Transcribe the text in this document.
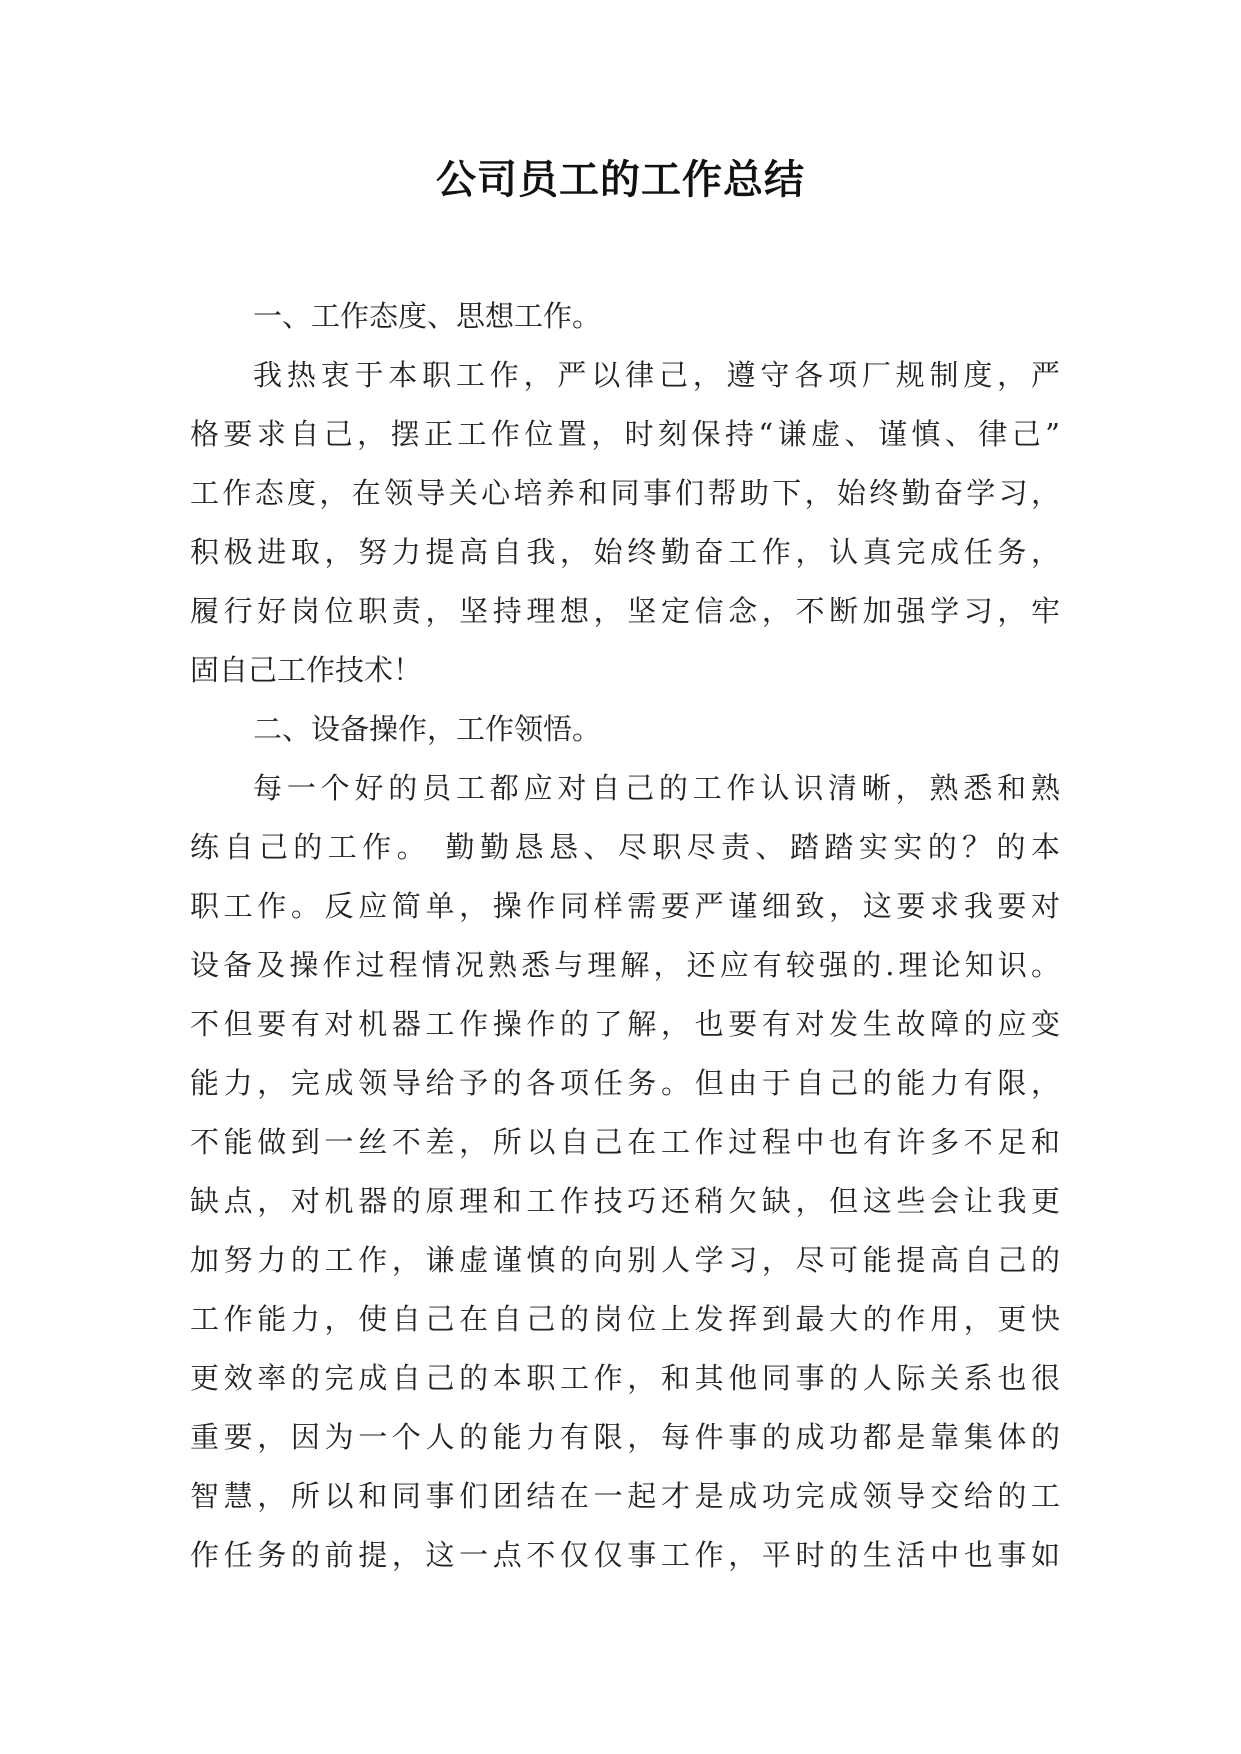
公司员工的工作总结
一、工作态度、思想工作。
我热衷于本职工作，严以律己，遵守各项厂规制度，严
格要求自己，摆正工作位置，时刻保持“谦虚、谨慎、律己”
工作态度，在领导关心培养和同事们帮助下，始终勤奋学习，
积极进取，努力提高自我，始终勤奋工作，认真完成任务，
履行好岗位职责，坚持理想，坚定信念，不断加强学习，牢
固自己工作技术！
二、设备操作，工作领悟。
每一个好的员工都应对自己的工作认识清晰，熟悉和熟
练自己的工作。 勤勤恳恳、尽职尽责、踏踏实实的？的本
职工作。反应简单，操作同样需要严谨细致，这要求我要对
设备及操作过程情况熟悉与理解，还应有较强的.理论知识。
不但要有对机器工作操作的了解，也要有对发生故障的应变
能力，完成领导给予的各项任务。但由于自己的能力有限，
不能做到一丝不差，所以自己在工作过程中也有许多不足和
缺点，对机器的原理和工作技巧还稍欠缺，但这些会让我更
加努力的工作，谦虚谨慎的向别人学习，尽可能提高自己的
工作能力，使自己在自己的岗位上发挥到最大的作用，更快
更效率的完成自己的本职工作，和其他同事的人际关系也很
重要，因为一个人的能力有限，每件事的成功都是靠集体的
智慧，所以和同事们团结在一起才是成功完成领导交给的工
作任务的前提，这一点不仅仅事工作，平时的生活中也事如
